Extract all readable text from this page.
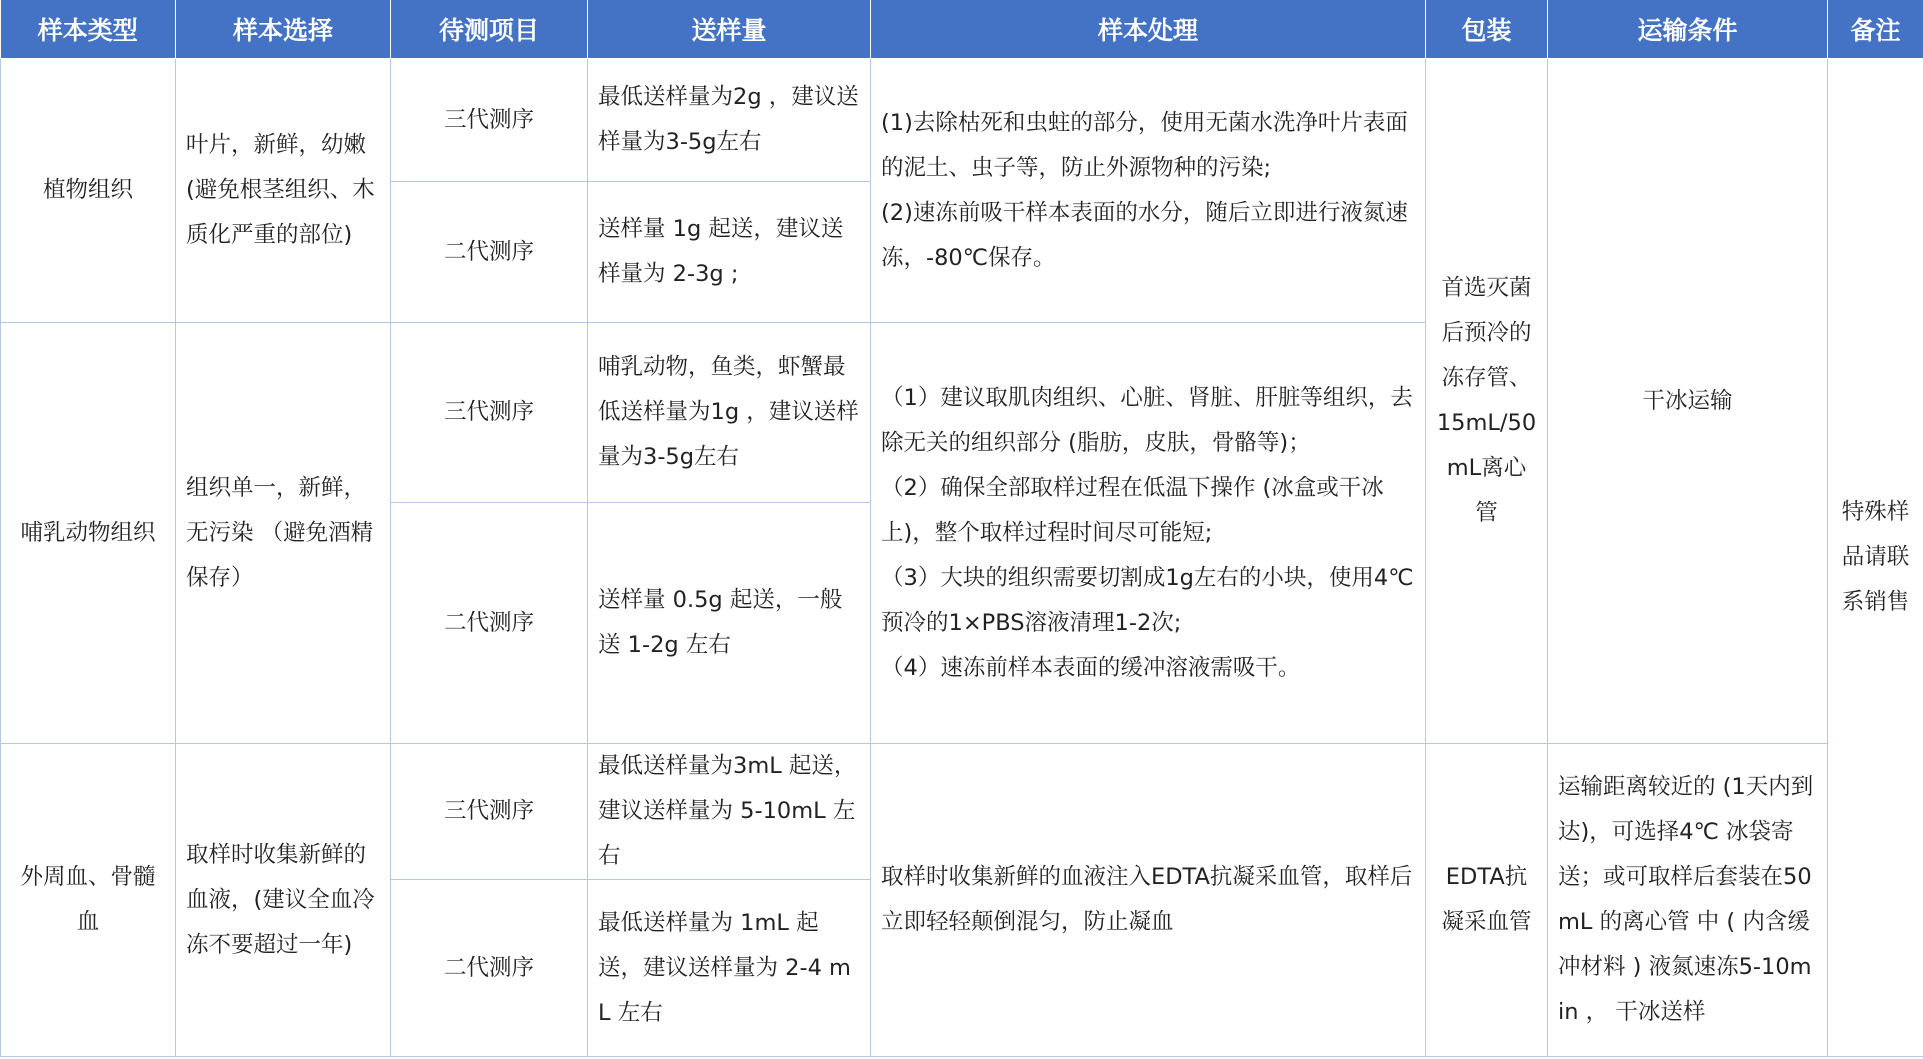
样本类型	样本选择	待测项目	送样量	样本处理	包装	运输条件	备注
植物组织	叶片，新鲜，幼嫩 (避免根茎组织、木质化严重的部位)	三代测序	最低送样量为2g ，建议送样量为3-5g左右	(1)去除枯死和虫蛀的部分，使用无菌水洗净叶片表面的泥土、虫子等，防止外源物种的污染;
(2)速冻前吸干样本表面的水分，随后立即进行液氮速冻，-80℃保存。	首选灭菌后预冷的冻存管、15mL/50mL离心管	干冰运输	特殊样品请联系销售
		二代测序	送样量 1g 起送，建议送样量为 2-3g ;				
哺乳动物组织	组织单一，新鲜，无污染 （避免酒精保存）	三代测序	哺乳动物，鱼类，虾蟹最低送样量为1g ，建议送样量为3-5g左右	（1）建议取肌肉组织、心脏、肾脏、肝脏等组织，去除无关的组织部分 (脂肪，皮肤，骨骼等)；
（2）确保全部取样过程在低温下操作 (冰盒或干冰上)，整个取样过程时间尽可能短;
（3）大块的组织需要切割成1g左右的小块，使用4℃预冷的1×PBS溶液清理1-2次;
（4）速冻前样本表面的缓冲溶液需吸干。			
		二代测序	送样量 0.5g 起送，一般送 1-2g 左右				
外周血、骨髓血	取样时收集新鲜的血液，(建议全血冷冻不要超过一年)	三代测序	最低送样量为3mL 起送，建议送样量为 5-10mL 左右	取样时收集新鲜的血液注入EDTA抗凝采血管，取样后立即轻轻颠倒混匀，防止凝血	EDTA抗凝采血管	运输距离较近的 (1天内到达)，可选择4℃ 冰袋寄送；或可取样后套装在50mL 的离心管 中 ( 内含缓冲材料 ) 液氮速冻5-10min ， 干冰送样	
		二代测序	最低送样量为 1mL 起送，建议送样量为 2-4 mL 左右				
